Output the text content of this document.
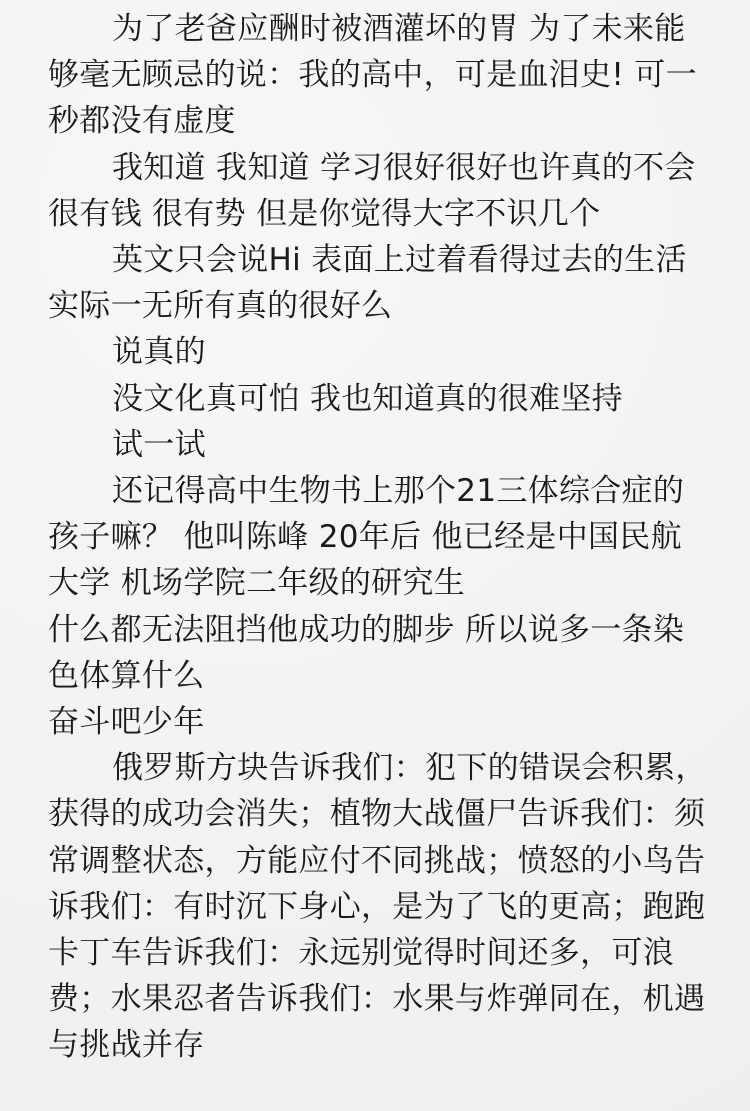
为了老爸应酬时被酒灌坏的胃 为了未来能够毫无顾忌的说：我的高中，可是血泪史! 可一秒都没有虚度

我知道 我知道 学习很好很好也许真的不会很有钱 很有势 但是你觉得大字不识几个

英文只会说Hi 表面上过着看得过去的生活

实际一无所有真的很好么

说真的

没文化真可怕 我也知道真的很难坚持

试一试

还记得高中生物书上那个21三体综合症的孩子嘛？ 他叫陈峰 20年后 他已经是中国民航大学 机场学院二年级的研究生

什么都无法阻挡他成功的脚步 所以说多一条染色体算什么

奋斗吧少年

俄罗斯方块告诉我们：犯下的错误会积累，获得的成功会消失；植物大战僵尸告诉我们：须常调整状态，方能应付不同挑战；愤怒的小鸟告诉我们：有时沉下身心，是为了飞的更高；跑跑卡丁车告诉我们：永远别觉得时间还多，可浪费；水果忍者告诉我们：水果与炸弹同在，机遇与挑战并存
